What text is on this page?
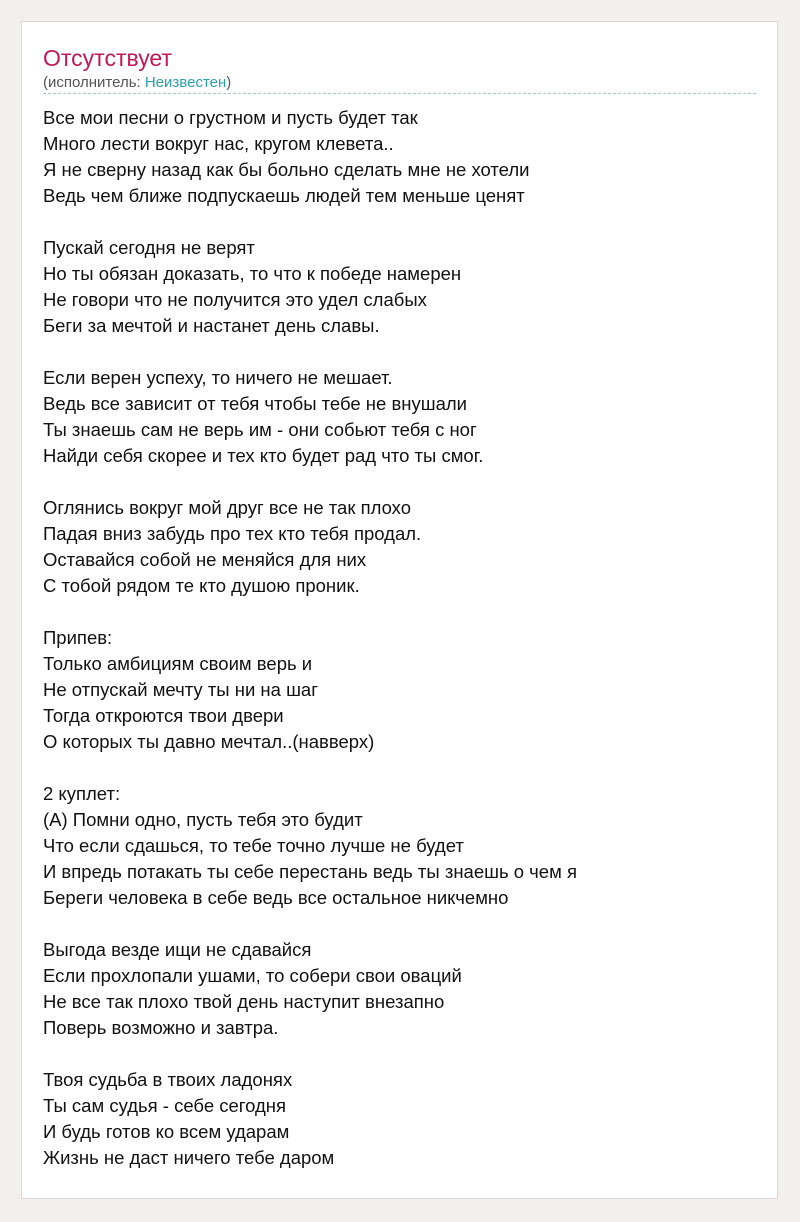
Отсутствует
(исполнитель: Неизвестен)
Все мои песни о грустном и пусть будет так
Много лести вокруг нас, кругом клевета..
Я не сверну назад как бы больно сделать мне не хотели
Ведь чем ближе подпускаешь людей тем меньше ценят
Пускай сегодня не верят
Но ты обязан доказать, то что к победе намерен
Не говори что не получится это удел слабых
Беги за мечтой и настанет день славы.
Если верен успеху, то ничего не мешает.
Ведь все зависит от тебя чтобы тебе не внушали
Ты знаешь сам не верь им - они собьют тебя с ног
Найди себя скорее и тех кто будет рад что ты смог.
Оглянись вокруг мой друг все не так плохо
Падая вниз забудь про тех кто тебя продал.
Оставайся собой не меняйся для них
С тобой рядом те кто душою проник.
Припев:
Только амбициям своим верь и
Не отпускай мечту ты ни на шаг
Тогда откроются твои двери
О которых ты давно мечтал..(навверх)
2 куплет:
(А) Помни одно, пусть тебя это будит
Что если сдашься, то тебе точно лучше не будет
И впредь потакать ты себе перестань ведь ты знаешь о чем я
Береги человека в себе ведь все остальное никчемно
Выгода везде ищи не сдавайся
Если прохлопали ушами, то собери свои оваций
Не все так плохо твой день наступит внезапно
Поверь возможно и завтра.
Твоя судьба в твоих ладонях
Ты сам судья - себе сегодня
И будь готов ко всем ударам
Жизнь не даст ничего тебе даром
